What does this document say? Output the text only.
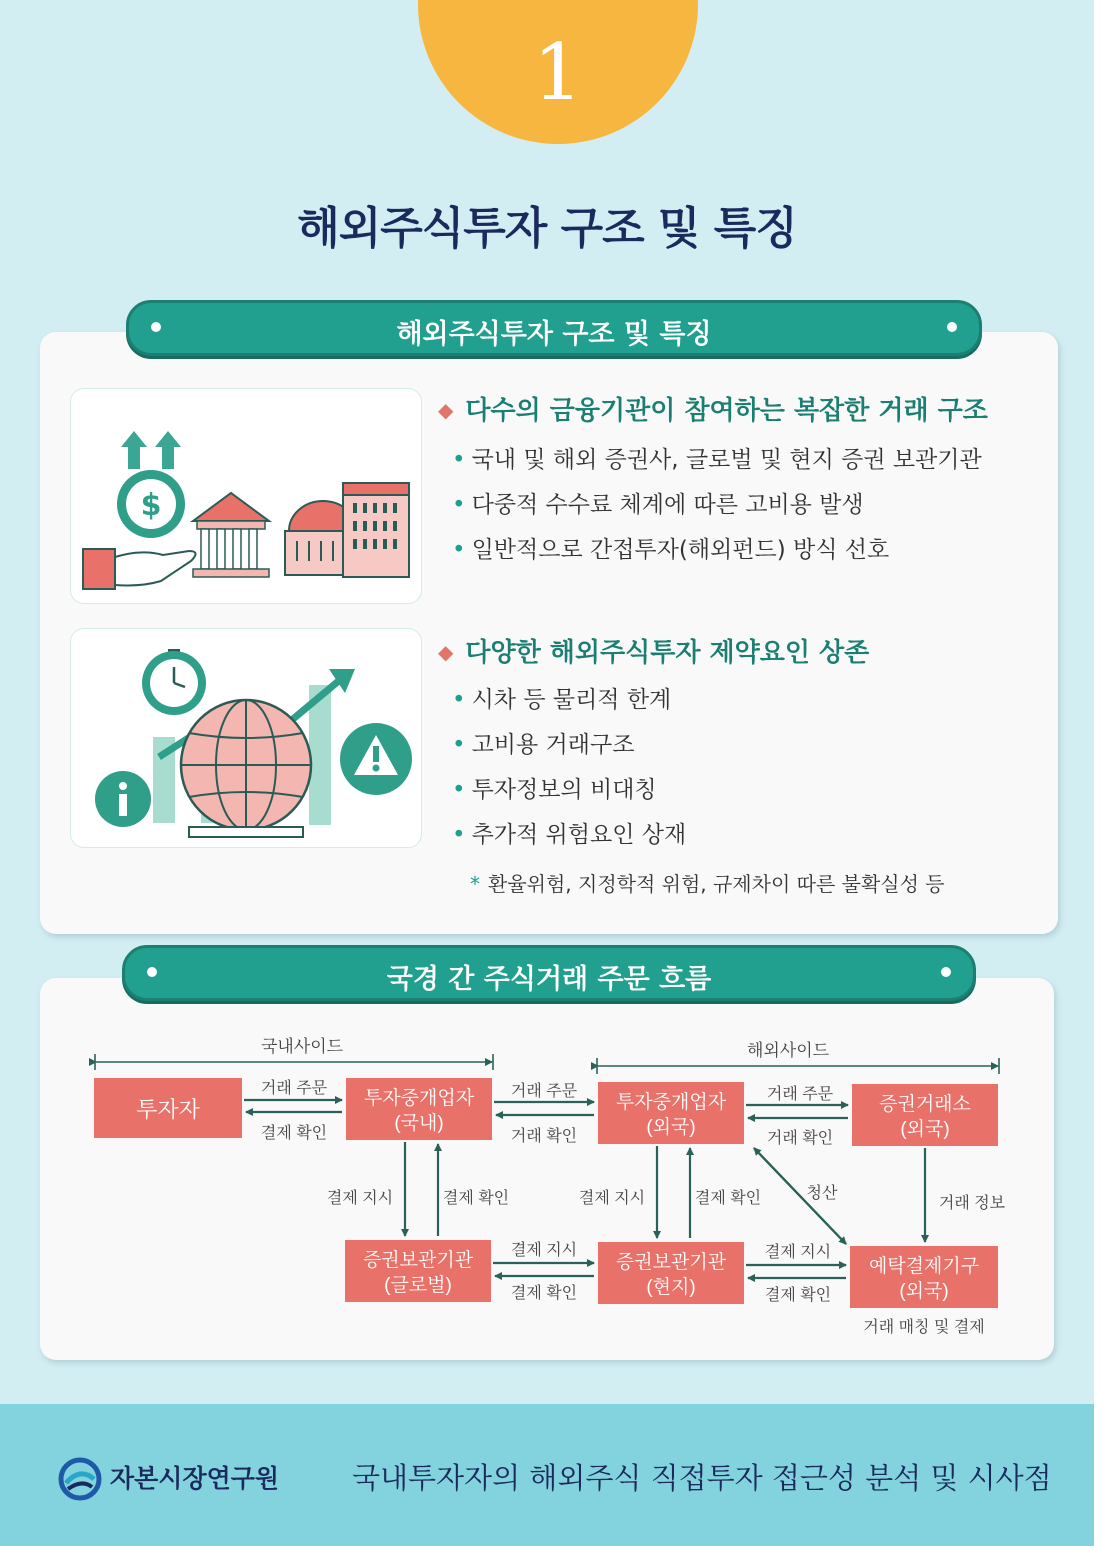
1
해외주식투자 구조 및 특징
해외주식투자 구조 및 특징
$
◆ 다수의 금융기관이 참여하는 복잡한 거래 구조
• 국내 및 해외 증권사, 글로벌 및 현지 증권 보관기관
• 다중적 수수료 체계에 따른 고비용 발생
• 일반적으로 간접투자(해외펀드) 방식 선호
◆ 다양한 해외주식투자 제약요인 상존
• 시차 등 물리적 한계
• 고비용 거래구조
• 투자정보의 비대칭
• 추가적 위험요인 상재
* 환율위험, 지정학적 위험, 규제차이 따른 불확실성 등
국경 간 주식거래 주문 흐름
국내사이드	해외사이드
투자자	투자중개업자
(국내)
투자중개업자
(외국)
증권거래소
(외국)
증권보관기관
(글로벌)
증권보관기관
(현지)
예탁결제기구
(외국)
거래 주문
결제 확인
거래 주문
거래 확인
거래 주문
거래 확인
결제 지시	결제 확인	결제 지시	결제 확인	청산
거래 정보
결제 지시
결제 확인
결제 지시
결제 확인
거래 매칭 및 결제
자본시장연구원	국내투자자의 해외주식 직접투자 접근성 분석 및 시사점
